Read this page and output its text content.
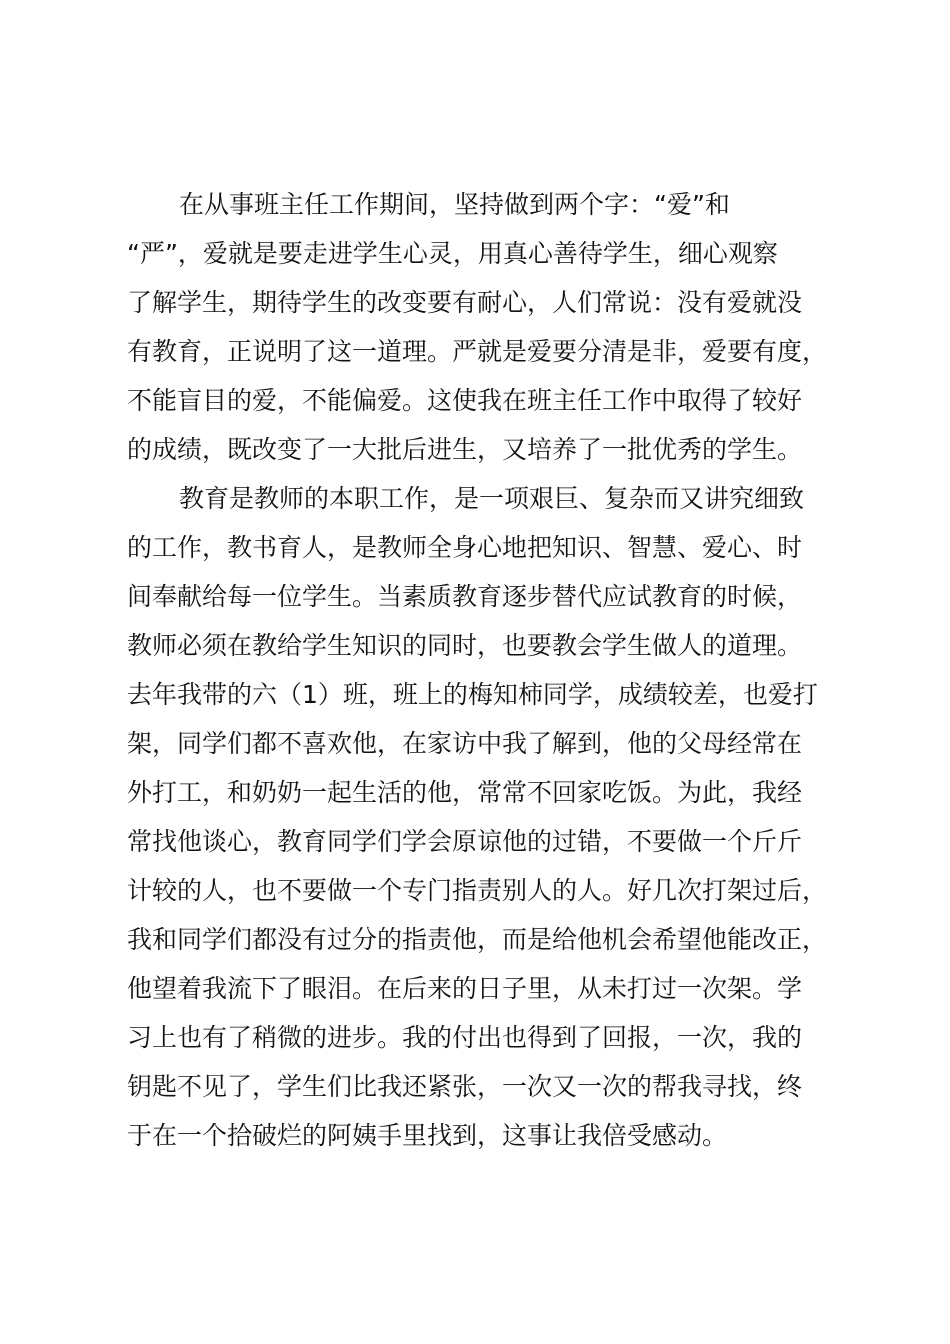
在从事班主任工作期间，坚持做到两个字：“爱”和
“严”，爱就是要走进学生心灵，用真心善待学生，细心观察
了解学生，期待学生的改变要有耐心，人们常说：没有爱就没
有教育，正说明了这一道理。严就是爱要分清是非，爱要有度，
不能盲目的爱，不能偏爱。这使我在班主任工作中取得了较好
的成绩，既改变了一大批后进生，又培养了一批优秀的学生。

教育是教师的本职工作，是一项艰巨、复杂而又讲究细致
的工作，教书育人，是教师全身心地把知识、智慧、爱心、时
间奉献给每一位学生。当素质教育逐步替代应试教育的时候，
教师必须在教给学生知识的同时，也要教会学生做人的道理。
去年我带的六（1）班，班上的梅知柿同学，成绩较差，也爱打
架，同学们都不喜欢他，在家访中我了解到，他的父母经常在
外打工，和奶奶一起生活的他，常常不回家吃饭。为此，我经
常找他谈心，教育同学们学会原谅他的过错，不要做一个斤斤
计较的人，也不要做一个专门指责别人的人。好几次打架过后，
我和同学们都没有过分的指责他，而是给他机会希望他能改正，
他望着我流下了眼泪。在后来的日子里，从未打过一次架。学
习上也有了稍微的进步。我的付出也得到了回报，一次，我的
钥匙不见了，学生们比我还紧张，一次又一次的帮我寻找，终
于在一个拾破烂的阿姨手里找到，这事让我倍受感动。
